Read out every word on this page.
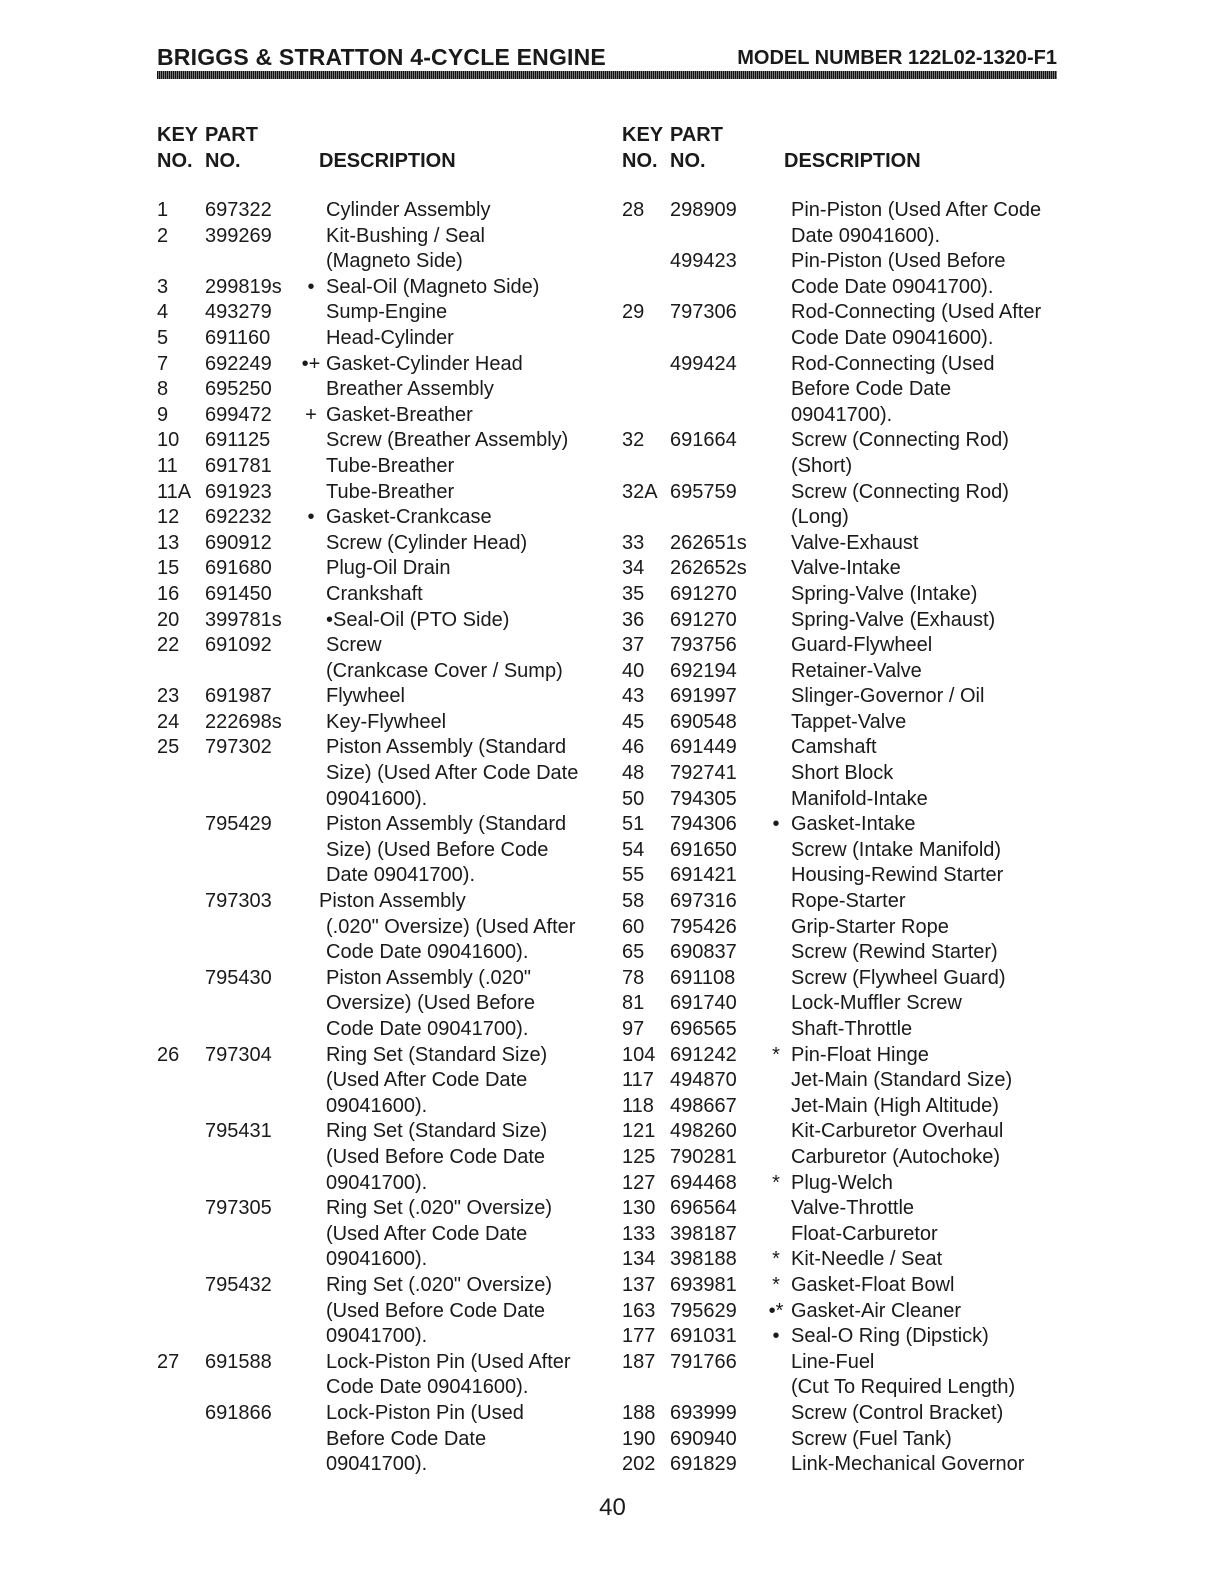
BRIGGS & STRATTON 4-CYCLE ENGINE	MODEL NUMBER 122L02-1320-F1
KEY PART
NO. NO.	DESCRIPTION
1 697322	Cylinder Assembly
2 399269	Kit-Bushing / Seal
(Magneto Side)
3 299819s	• Seal-Oil (Magneto Side)
4 493279	Sump-Engine
5 691160	Head-Cylinder
7 692249 •+ Gasket-Cylinder Head
8 695250	Breather Assembly
9 699472	+ Gasket-Breather
10 691125	Screw (Breather Assembly)
11 691781	Tube-Breather
11A 691923	Tube-Breather
12 692232	• Gasket-Crankcase
13 690912	Screw (Cylinder Head)
15 691680	Plug-Oil Drain
16 691450	Crankshaft
20 399781s •Seal-Oil (PTO Side)
22 691092	Screw
(Crankcase Cover / Sump)
23 691987	Flywheel
24 222698s Key-Flywheel
25 797302	Piston Assembly (Standard
Size) (Used After Code Date
09041600).
795429	Piston Assembly (Standard
Size) (Used Before Code
Date 09041700).
797303 Piston Assembly
(.020" Oversize) (Used After
Code Date 09041600).
795430	Piston Assembly (.020"
Oversize) (Used Before
Code Date 09041700).
26 797304	Ring Set (Standard Size)
(Used After Code Date
09041600).
795431	Ring Set (Standard Size)
(Used Before Code Date
09041700).
797305	Ring Set (.020" Oversize)
(Used After Code Date
09041600).
795432	Ring Set (.020" Oversize)
(Used Before Code Date
09041700).
27 691588	Lock-Piston Pin (Used After
Code Date 09041600).
691866	Lock-Piston Pin (Used
Before Code Date
09041700).
KEY PART
NO. NO.	DESCRIPTION
28 298909	Pin-Piston (Used After Code
Date 09041600).
499423	Pin-Piston (Used Before
Code Date 09041700).
29 797306	Rod-Connecting (Used After
Code Date 09041600).
499424	Rod-Connecting (Used
Before Code Date
09041700).
32 691664	Screw (Connecting Rod)
(Short)
32A 695759	Screw (Connecting Rod)
(Long)
33 262651s Valve-Exhaust
34 262652s Valve-Intake
35 691270	Spring-Valve (Intake)
36 691270	Spring-Valve (Exhaust)
37 793756	Guard-Flywheel
40 692194	Retainer-Valve
43 691997	Slinger-Governor / Oil
45 690548	Tappet-Valve
46 691449	Camshaft
48 792741	Short Block
50 794305	Manifold-Intake
51 794306	• Gasket-Intake
54 691650	Screw (Intake Manifold)
55 691421	Housing-Rewind Starter
58 697316	Rope-Starter
60 795426	Grip-Starter Rope
65 690837	Screw (Rewind Starter)
78 691108	Screw (Flywheel Guard)
81 691740	Lock-Muffler Screw
97 696565	Shaft-Throttle
104 691242	* Pin-Float Hinge
117 494870	Jet-Main (Standard Size)
118 498667	Jet-Main (High Altitude)
121 498260	Kit-Carburetor Overhaul
125 790281	Carburetor (Autochoke)
127 694468	* Plug-Welch
130 696564	Valve-Throttle
133 398187	Float-Carburetor
134 398188	* Kit-Needle / Seat
137 693981	* Gasket-Float Bowl
163 795629	•* Gasket-Air Cleaner
177 691031	• Seal-O Ring (Dipstick)
187 791766	Line-Fuel
(Cut To Required Length)
188 693999	Screw (Control Bracket)
190 690940	Screw (Fuel Tank)
202 691829	Link-Mechanical Governor
40
